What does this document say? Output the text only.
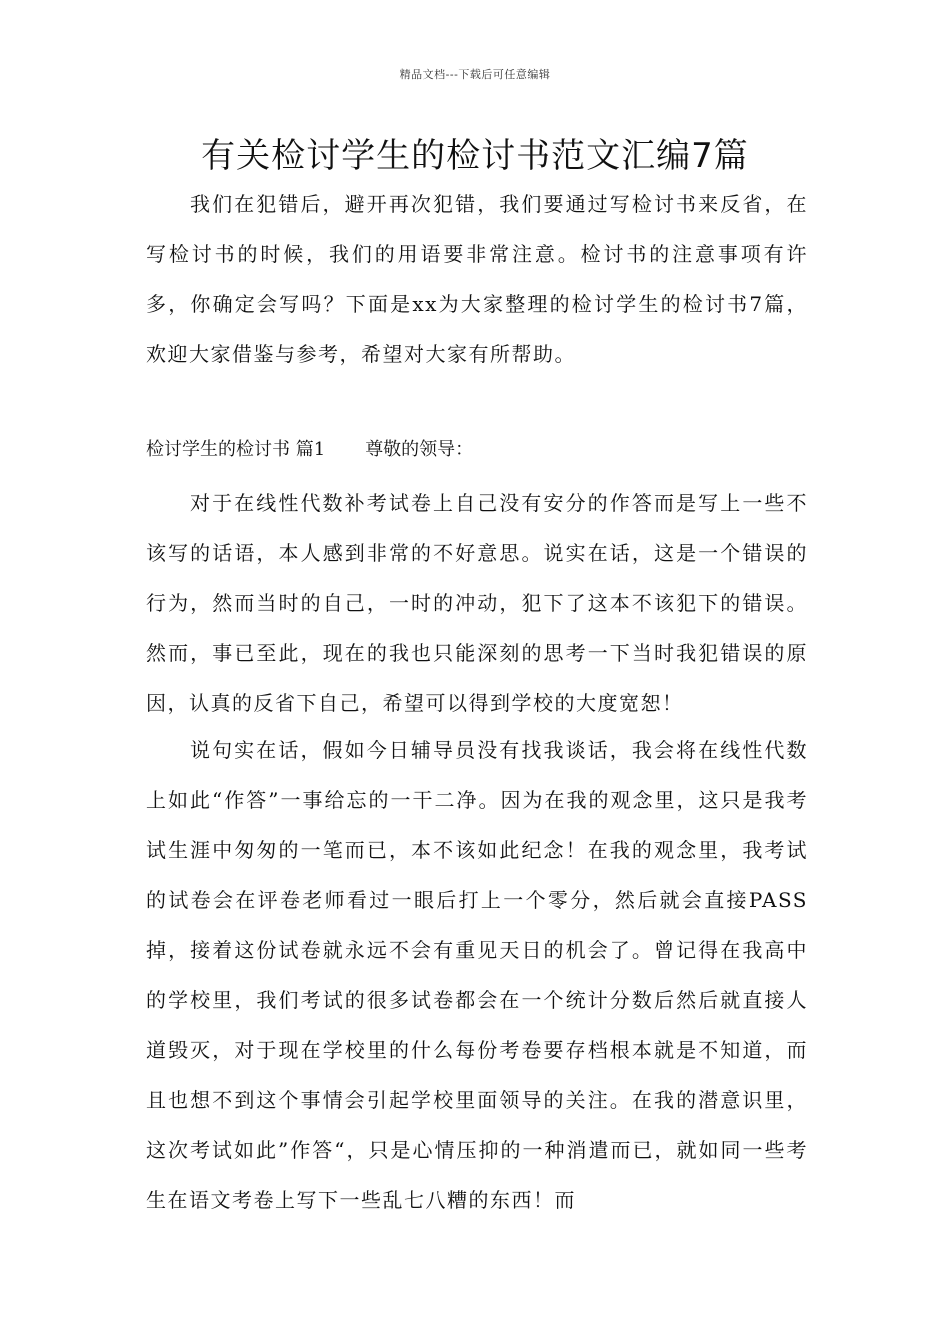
精品文档---下载后可任意编辑
有关检讨学生的检讨书范文汇编7篇
我们在犯错后，避开再次犯错，我们要通过写检讨书来反省，在写检讨书的时候，我们的用语要非常注意。检讨书的注意事项有许多，你确定会写吗？下面是xx为大家整理的检讨学生的检讨书7篇，欢迎大家借鉴与参考，希望对大家有所帮助。
检讨学生的检讨书 篇1 尊敬的领导：
对于在线性代数补考试卷上自己没有安分的作答而是写上一些不该写的话语，本人感到非常的不好意思。说实在话，这是一个错误的行为，然而当时的自己，一时的冲动，犯下了这本不该犯下的错误。然而，事已至此，现在的我也只能深刻的思考一下当时我犯错误的原因，认真的反省下自己，希望可以得到学校的大度宽恕！
说句实在话，假如今日辅导员没有找我谈话，我会将在线性代数上如此“作答”一事给忘的一干二净。因为在我的观念里，这只是我考试生涯中匆匆的一笔而已，本不该如此纪念！在我的观念里，我考试的试卷会在评卷老师看过一眼后打上一个零分，然后就会直接PASS掉，接着这份试卷就永远不会有重见天日的机会了。曾记得在我高中的学校里，我们考试的很多试卷都会在一个统计分数后然后就直接人道毁灭，对于现在学校里的什么每份考卷要存档根本就是不知道，而且也想不到这个事情会引起学校里面领导的关注。在我的潜意识里，这次考试如此”作答“，只是心情压抑的一种消遣而已，就如同一些考生在语文考卷上写下一些乱七八糟的东西！而
